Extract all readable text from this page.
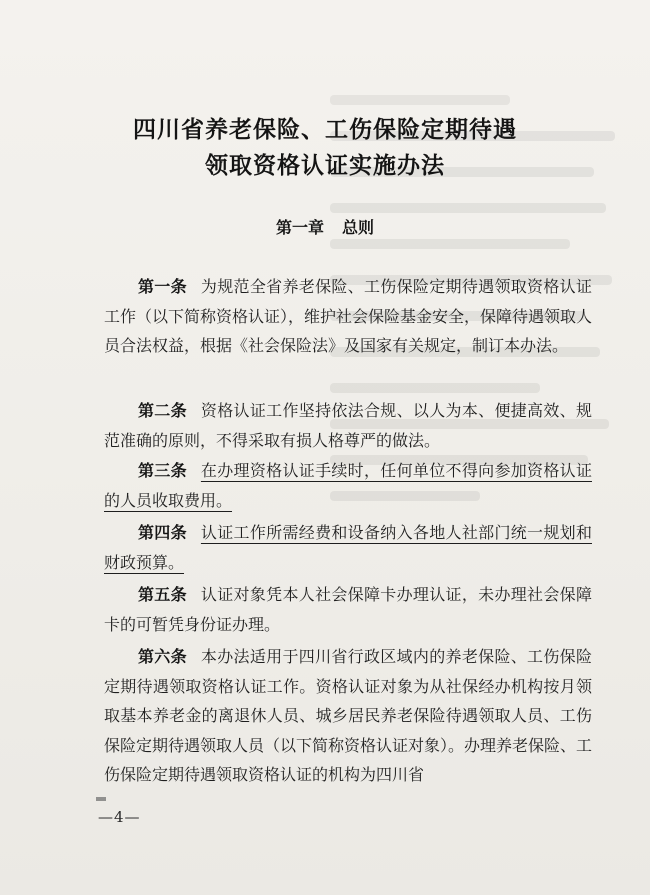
四川省养老保险、工伤保险定期待遇
领取资格认证实施办法
第一章 总则
第一条 为规范全省养老保险、工伤保险定期待遇领取资格认证工作（以下简称资格认证），维护社会保险基金安全，保障待遇领取人员合法权益，根据《社会保险法》及国家有关规定，制订本办法。
第二条 资格认证工作坚持依法合规、以人为本、便捷高效、规范准确的原则，不得采取有损人格尊严的做法。
第三条 在办理资格认证手续时，任何单位不得向参加资格认证的人员收取费用。
第四条 认证工作所需经费和设备纳入各地人社部门统一规划和财政预算。
第五条 认证对象凭本人社会保障卡办理认证，未办理社会保障卡的可暂凭身份证办理。
第六条 本办法适用于四川省行政区域内的养老保险、工伤保险定期待遇领取资格认证工作。资格认证对象为从社保经办机构按月领取基本养老金的离退休人员、城乡居民养老保险待遇领取人员、工伤保险定期待遇领取人员（以下简称资格认证对象）。办理养老保险、工伤保险定期待遇领取资格认证的机构为四川省
—4—
